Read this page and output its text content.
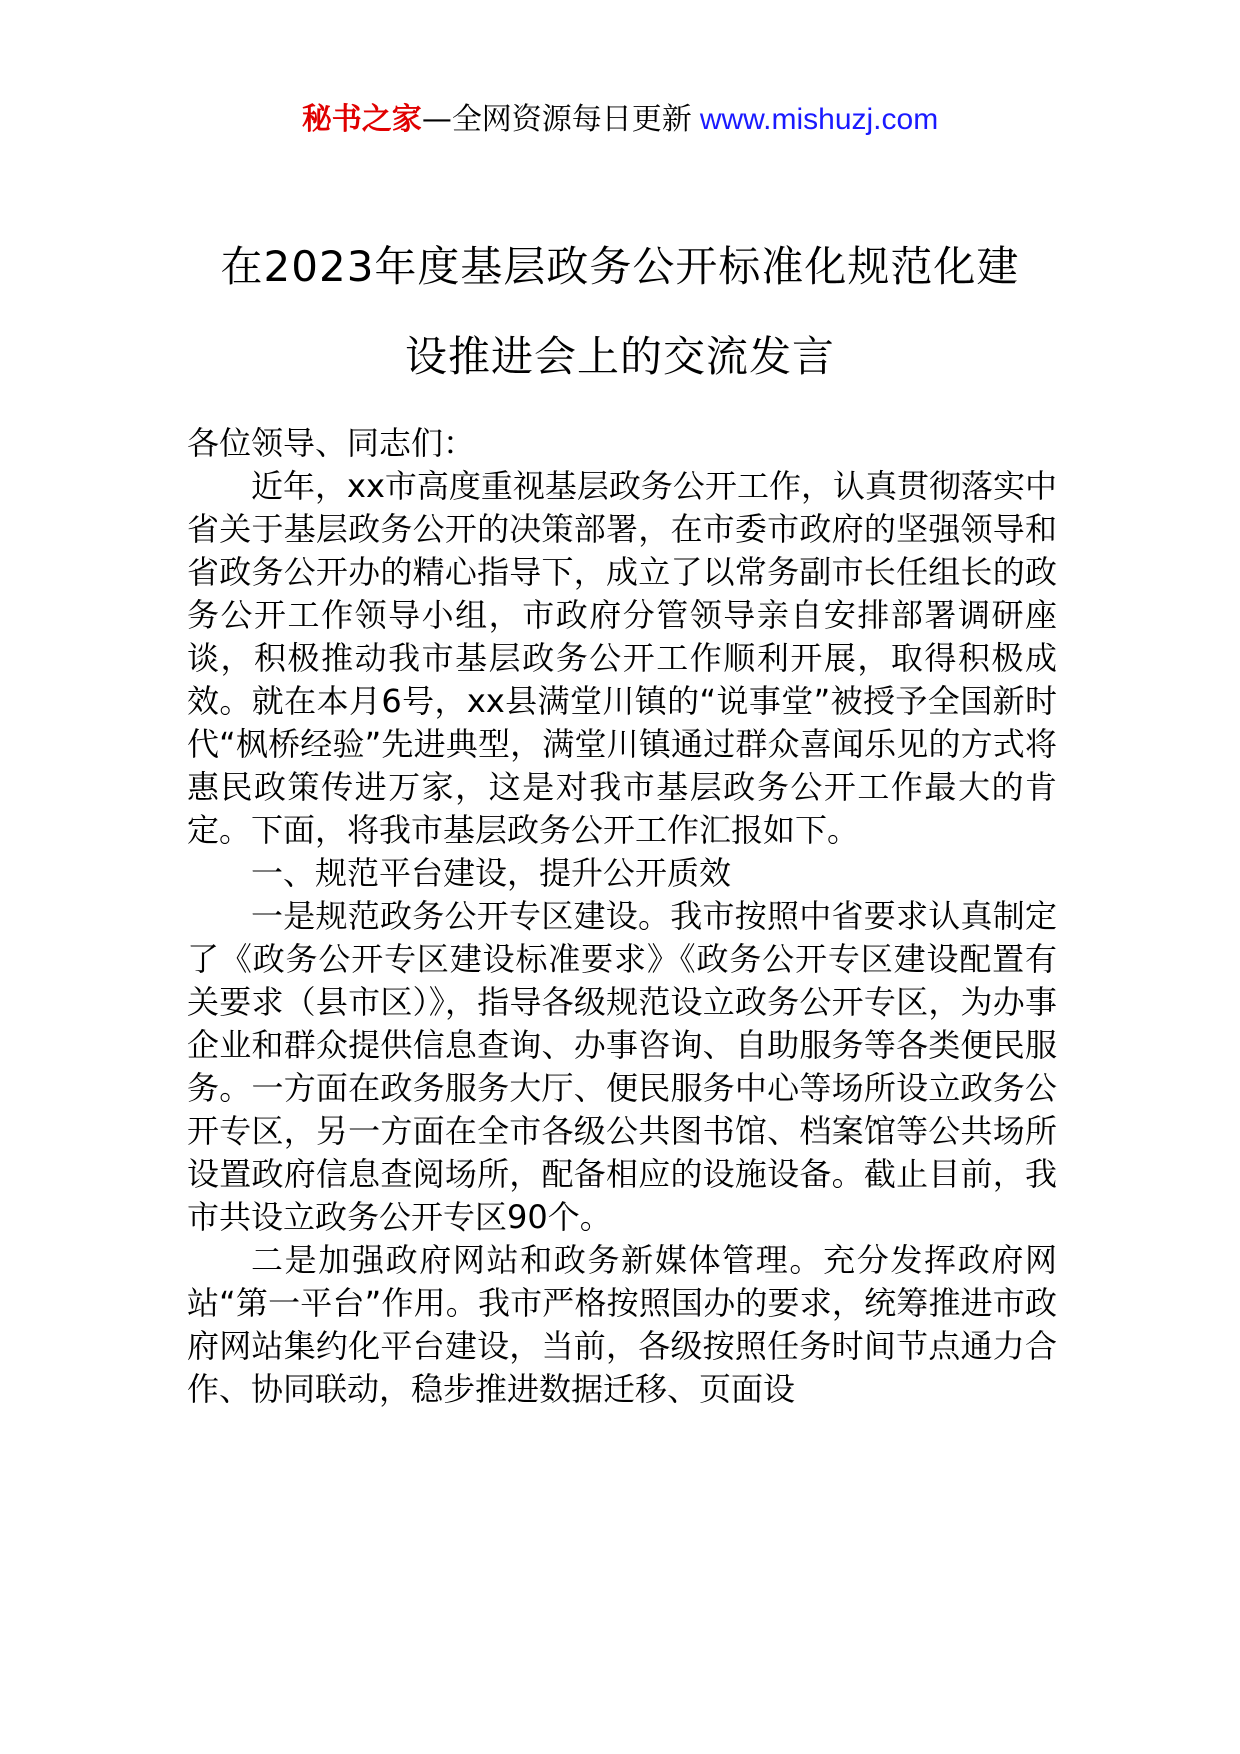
秘书之家—全网资源每日更新 www.mishuzj.com
在2023年度基层政务公开标准化规范化建
设推进会上的交流发言

各位领导、同志们：

近年，xx市高度重视基层政务公开工作，认真贯彻落实中省关于基层政务公开的决策部署，在市委市政府的坚强领导和省政务公开办的精心指导下，成立了以常务副市长任组长的政务公开工作领导小组，市政府分管领导亲自安排部署调研座谈，积极推动我市基层政务公开工作顺利开展，取得积极成效。就在本月6号，xx县满堂川镇的“说事堂”被授予全国新时代“枫桥经验”先进典型，满堂川镇通过群众喜闻乐见的方式将惠民政策传进万家，这是对我市基层政务公开工作最大的肯定。下面，将我市基层政务公开工作汇报如下。

一、规范平台建设，提升公开质效

一是规范政务公开专区建设。我市按照中省要求认真制定了《政务公开专区建设标准要求》《政务公开专区建设配置有关要求（县市区）》，指导各级规范设立政务公开专区，为办事企业和群众提供信息查询、办事咨询、自助服务等各类便民服务。一方面在政务服务大厅、便民服务中心等场所设立政务公开专区，另一方面在全市各级公共图书馆、档案馆等公共场所设置政府信息查阅场所，配备相应的设施设备。截止目前，我市共设立政务公开专区90个。

二是加强政府网站和政务新媒体管理。充分发挥政府网站“第一平台”作用。我市严格按照国办的要求，统筹推进市政府网站集约化平台建设，当前，各级按照任务时间节点通力合作、协同联动，稳步推进数据迁移、页面设
